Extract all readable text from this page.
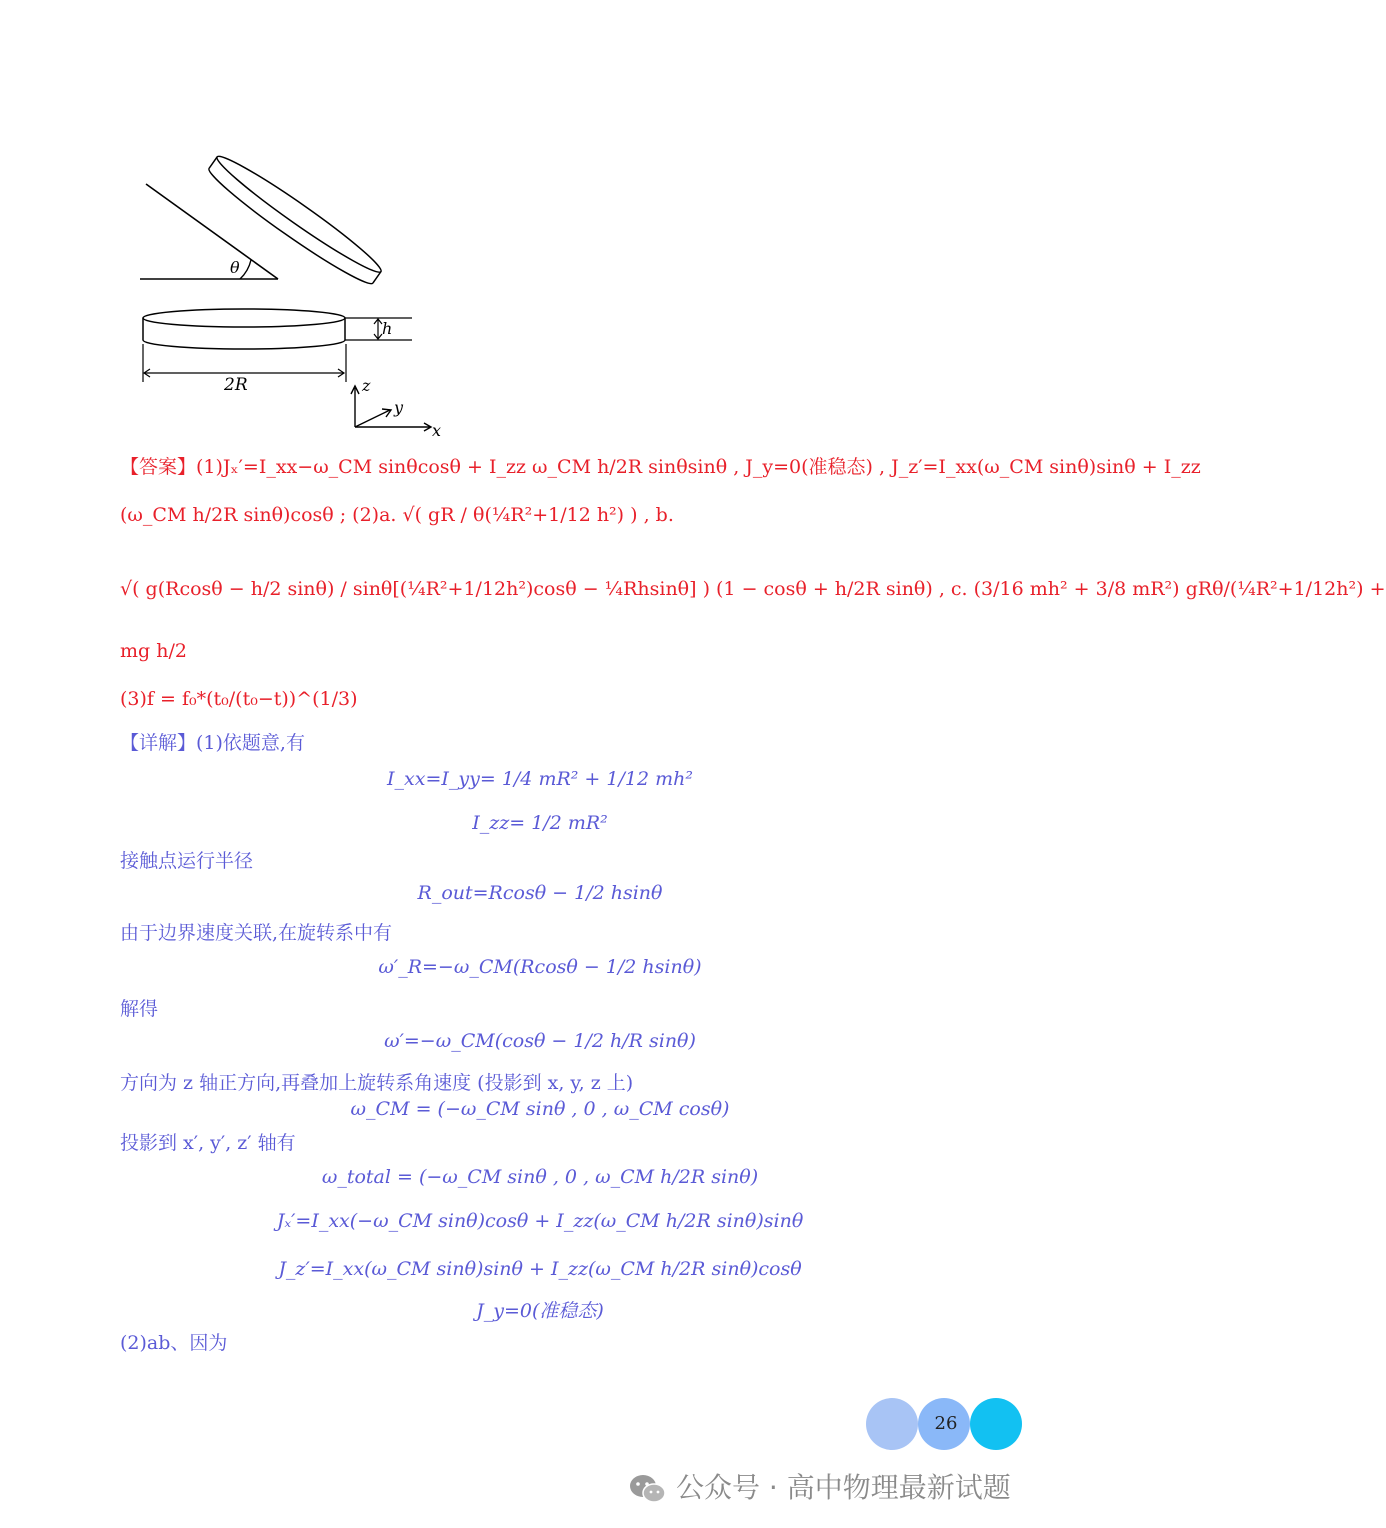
θ
h
2R	z
y
x
【答案】(1)Jₓ′=I_xx−ω_CM sinθcosθ + I_zz ω_CM h/2R sinθsinθ , J_y=0(准稳态) , J_z′=I_xx(ω_CM sinθ)sinθ + I_zz
(ω_CM h/2R sinθ)cosθ ; (2)a. √( gR / θ(¼R²+1/12 h²) ) , b.
√( g(Rcosθ − h/2 sinθ) / sinθ[(¼R²+1/12h²)cosθ − ¼Rhsinθ] ) (1 − cosθ + h/2R sinθ) , c. (3/16 mh² + 3/8 mR²) gRθ/(¼R²+1/12h²) +
mg h/2
(3)f = f₀*(t₀/(t₀−t))^(1/3)
【详解】(1)依题意,有
I_xx=I_yy= 1/4 mR² + 1/12 mh²
I_zz= 1/2 mR²
接触点运行半径
R_out=Rcosθ − 1/2 hsinθ
由于边界速度关联,在旋转系中有
ω′_R=−ω_CM(Rcosθ − 1/2 hsinθ)
解得
ω′=−ω_CM(cosθ − 1/2 h/R sinθ)
方向为 z 轴正方向,再叠加上旋转系角速度 (投影到 x, y, z 上)
ω_CM = (−ω_CM sinθ , 0 , ω_CM cosθ)
投影到 x′, y′, z′ 轴有
ω_total = (−ω_CM sinθ , 0 , ω_CM h/2R sinθ)
Jₓ′=I_xx(−ω_CM sinθ)cosθ + I_zz(ω_CM h/2R sinθ)sinθ
J_z′=I_xx(ω_CM sinθ)sinθ + I_zz(ω_CM h/2R sinθ)cosθ
J_y=0(准稳态)
(2)ab、因为
26
公众号 · 高中物理最新试题
